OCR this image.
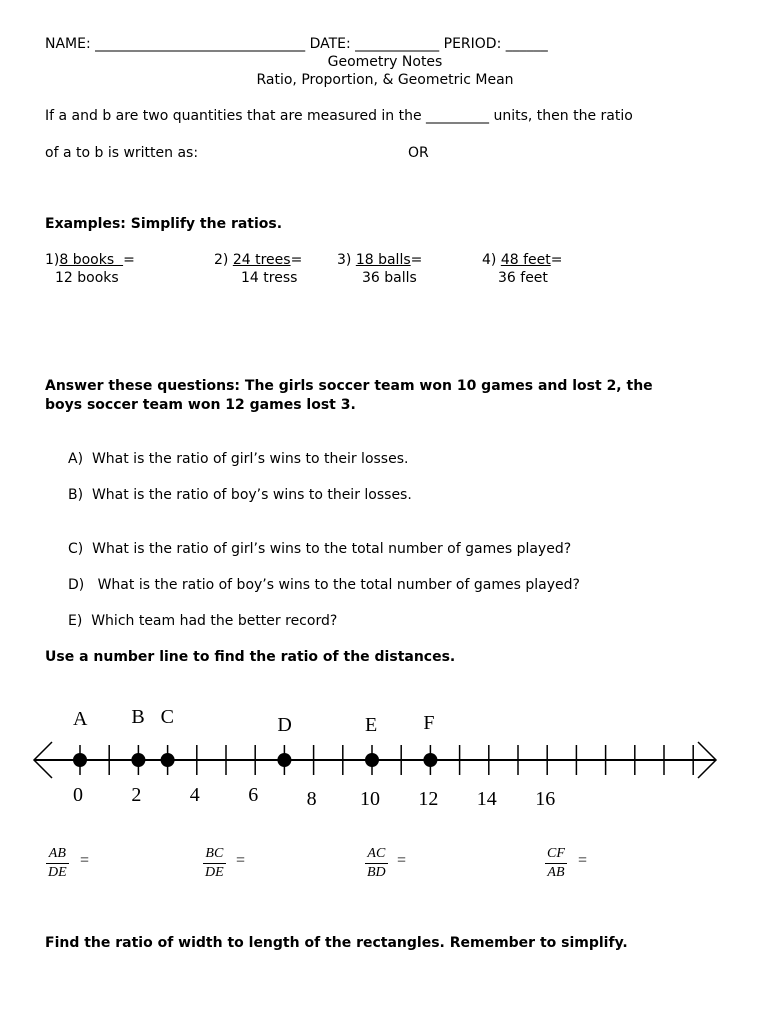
NAME: ______________________________ DATE: ____________ PERIOD: ______
Geometry Notes
Ratio, Proportion, & Geometric Mean
If a and b are two quantities that are measured in the _________ units, then the ratio
of a to b is written as:	OR
Examples: Simplify the ratios.
1)8 books  =
12 books
2) 24 trees=
14 tress
3) 18 balls=
36 balls
4) 48 feet=
36 feet
Answer these questions: The girls soccer team won 10 games and lost 2, the
boys soccer team won 12 games lost 3.
A)  What is the ratio of girl’s wins to their losses.
B)  What is the ratio of boy’s wins to their losses.
C)  What is the ratio of girl’s wins to the total number of games played?
D)   What is the ratio of boy’s wins to the total number of games played?
E)  Which team had the better record?
Use a number line to find the ratio of the distances.
A B C	D	E F
0 2 4 6 8 10 12 14 16
$\frac{AB}{DE}$ =	$\frac{BC}{DE}$ =	$\frac{AC}{BD}$ =	$\frac{CF}{AB}$ =
Find the ratio of width to length of the rectangles. Remember to simplify.
